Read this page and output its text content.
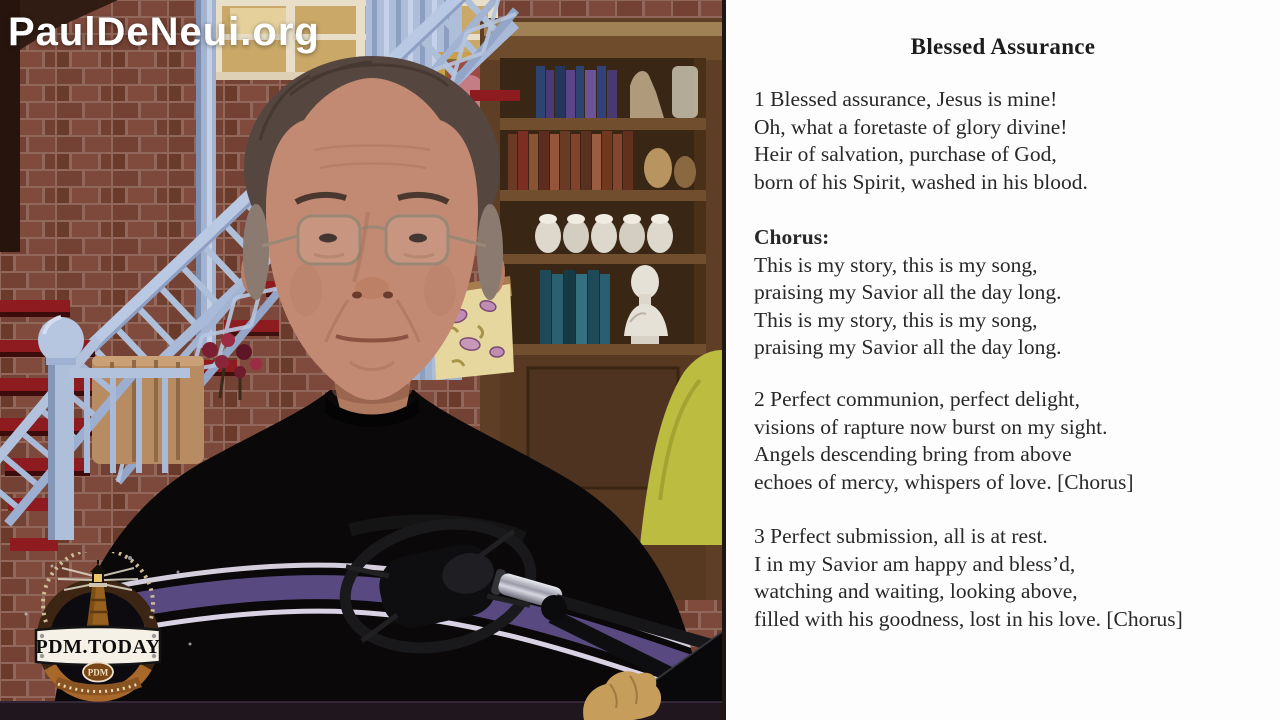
PaulDeNeui.org
PDM.TODAY
PDM
Blessed Assurance
1 Blessed assurance, Jesus is mine!
Oh, what a foretaste of glory divine!
Heir of salvation, purchase of God,
born of his Spirit, washed in his blood.
Chorus:
This is my story, this is my song,
praising my Savior all the day long.
This is my story, this is my song,
praising my Savior all the day long.
2 Perfect communion, perfect delight,
visions of rapture now burst on my sight.
Angels descending bring from above
echoes of mercy, whispers of love. [Chorus]
3 Perfect submission, all is at rest.
I in my Savior am happy and bless’d,
watching and waiting, looking above,
filled with his goodness, lost in his love. [Chorus]
